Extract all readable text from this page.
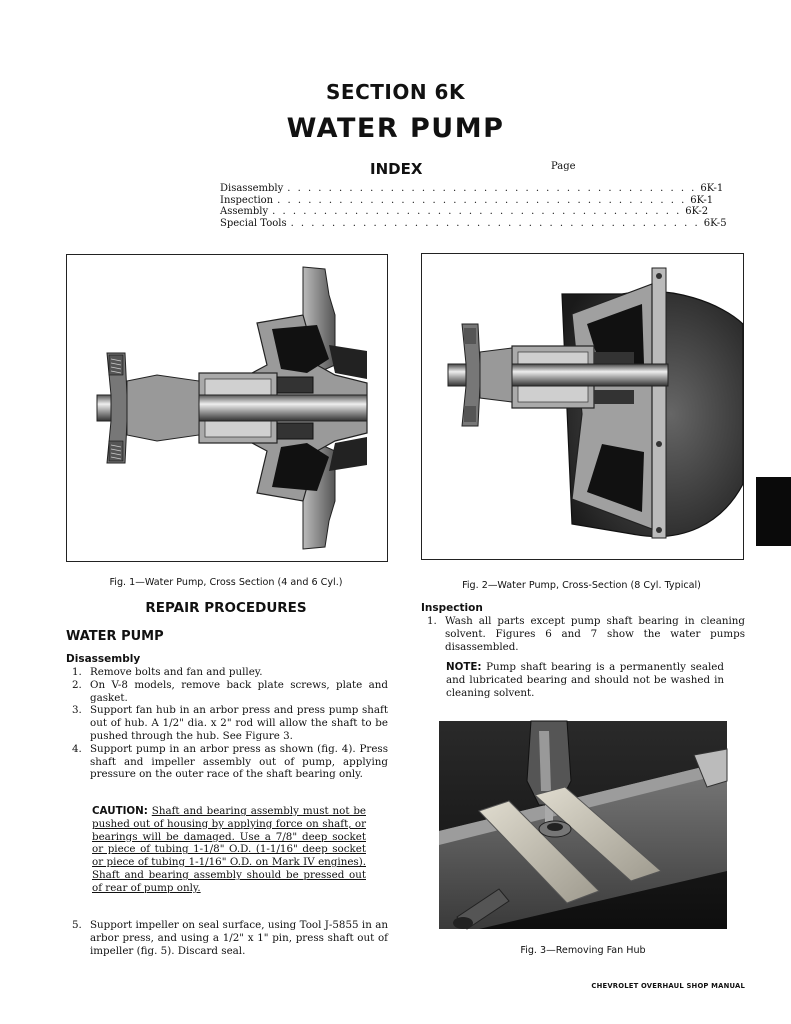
SECTION 6K
WATER PUMP
INDEX	Page
Disassembly . . . . . . . . . . . . . . . . . . . . . . . . . . . . . . . . . . . . . . . . 6K-1
Inspection . . . . . . . . . . . . . . . . . . . . . . . . . . . . . . . . . . . . . . . . 6K-1
Assembly . . . . . . . . . . . . . . . . . . . . . . . . . . . . . . . . . . . . . . . . 6K-2
Special Tools . . . . . . . . . . . . . . . . . . . . . . . . . . . . . . . . . . . . . . . . 6K-5
Fig. 1—Water Pump, Cross Section (4 and 6 Cyl.)	Fig. 2—Water Pump, Cross-Section (8 Cyl. Typical)
Fig. 3—Removing Fan Hub
REPAIR PROCEDURES
WATER PUMP
Disassembly
1. Remove bolts and fan and pulley.
2. On V-8 models, remove back plate screws, plate and gasket.
3. Support fan hub in an arbor press and press pump shaft out of hub. A 1/2" dia. x 2" rod will allow the shaft to be pushed through the hub. See Figure 3.
4. Support pump in an arbor press as shown (fig. 4). Press shaft and impeller assembly out of pump, applying pressure on the outer race of the shaft bearing only.
CAUTION: Shaft and bearing assembly must not be pushed out of housing by applying force on shaft, or bearings will be damaged. Use a 7/8" deep socket or piece of tubing 1-1/8" O.D. (1-1/16" deep socket or piece of tubing 1-1/16" O.D. on Mark IV engines). Shaft and bearing assembly should be pressed out of rear of pump only.
5. Support impeller on seal surface, using Tool J-5855 in an arbor press, and using a 1/2" x 1" pin, press shaft out of impeller (fig. 5). Discard seal.
Inspection
1. Wash all parts except pump shaft bearing in cleaning solvent. Figures 6 and 7 show the water pumps disassembled.
NOTE: Pump shaft bearing is a permanently sealed and lubricated bearing and should not be washed in cleaning solvent.
CHEVROLET OVERHAUL SHOP MANUAL
